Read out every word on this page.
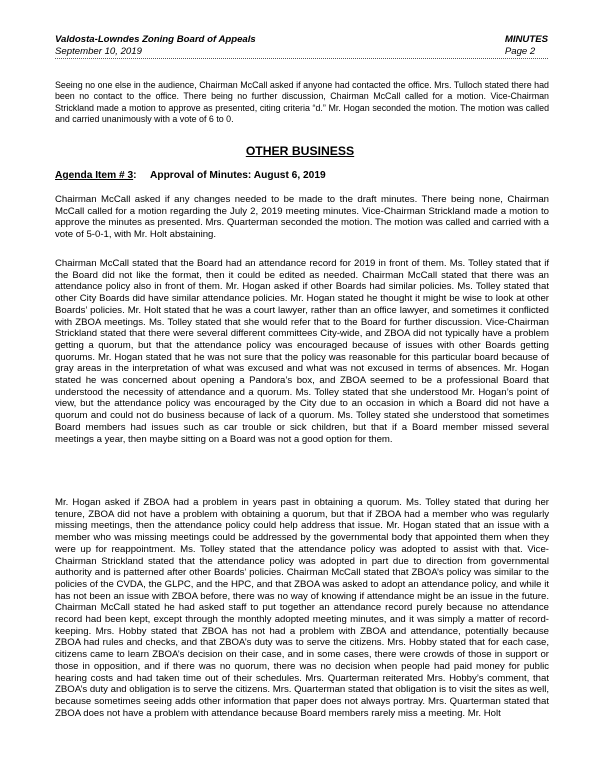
Valdosta-Lowndes Zoning Board of Appeals
September 10, 2019
MINUTES
Page 2

Seeing no one else in the audience, Chairman McCall asked if anyone had contacted the office. Mrs. Tulloch stated there had been no contact to the office. There being no further discussion, Chairman McCall called for a motion. Vice-Chairman Strickland made a motion to approve as presented, citing criteria “d.” Mr. Hogan seconded the motion. The motion was called and carried unanimously with a vote of 6 to 0.

OTHER BUSINESS
Agenda Item # 3: Approval of Minutes: August 6, 2019

Chairman McCall asked if any changes needed to be made to the draft minutes. There being none, Chairman McCall called for a motion regarding the July 2, 2019 meeting minutes. Vice-Chairman Strickland made a motion to approve the minutes as presented. Mrs. Quarterman seconded the motion. The motion was called and carried with a vote of 5-0-1, with Mr. Holt abstaining.

Chairman McCall stated that the Board had an attendance record for 2019 in front of them. Ms. Tolley stated that if the Board did not like the format, then it could be edited as needed. Chairman McCall stated that there was an attendance policy also in front of them. Mr. Hogan asked if other Boards had similar policies. Ms. Tolley stated that other City Boards did have similar attendance policies. Mr. Hogan stated he thought it might be wise to look at other Boards’ policies. Mr. Holt stated that he was a court lawyer, rather than an office lawyer, and sometimes it conflicted with ZBOA meetings. Ms. Tolley stated that she would refer that to the Board for further discussion. Vice-Chairman Strickland stated that there were several different committees City-wide, and ZBOA did not typically have a problem getting a quorum, but that the attendance policy was encouraged because of issues with other Boards getting quorums. Mr. Hogan stated that he was not sure that the policy was reasonable for this particular board because of gray areas in the interpretation of what was excused and what was not excused in terms of absences. Mr. Hogan stated he was concerned about opening a Pandora’s box, and ZBOA seemed to be a professional Board that understood the necessity of attendance and a quorum. Ms. Tolley stated that she understood Mr. Hogan’s point of view, but the attendance policy was encouraged by the City due to an occasion in which a Board did not have a quorum and could not do business because of lack of a quorum. Ms. Tolley stated she understood that sometimes Board members had issues such as car trouble or sick children, but that if a Board member missed several meetings a year, then maybe sitting on a Board was not a good option for them.

Mr. Hogan asked if ZBOA had a problem in years past in obtaining a quorum. Ms. Tolley stated that during her tenure, ZBOA did not have a problem with obtaining a quorum, but that if ZBOA had a member who was regularly missing meetings, then the attendance policy could help address that issue. Mr. Hogan stated that an issue with a member who was missing meetings could be addressed by the governmental body that appointed them when they were up for reappointment. Ms. Tolley stated that the attendance policy was adopted to assist with that. Vice-Chairman Strickland stated that the attendance policy was adopted in part due to direction from governmental authority and is patterned after other Boards’ policies. Chairman McCall stated that ZBOA’s policy was similar to the policies of the CVDA, the GLPC, and the HPC, and that ZBOA was asked to adopt an attendance policy, and while it has not been an issue with ZBOA before, there was no way of knowing if attendance might be an issue in the future. Chairman McCall stated he had asked staff to put together an attendance record purely because no attendance record had been kept, except through the monthly adopted meeting minutes, and it was simply a matter of record-keeping. Mrs. Hobby stated that ZBOA has not had a problem with ZBOA and attendance, potentially because ZBOA had rules and checks, and that ZBOA’s duty was to serve the citizens. Mrs. Hobby stated that for each case, citizens came to learn ZBOA’s decision on their case, and in some cases, there were crowds of those in support or those in opposition, and if there was no quorum, there was no decision when people had paid money for public hearing costs and had taken time out of their schedules. Mrs. Quarterman reiterated Mrs. Hobby’s comment, that ZBOA’s duty and obligation is to serve the citizens. Mrs. Quarterman stated that obligation is to visit the sites as well, because sometimes seeing adds other information that paper does not always portray. Mrs. Quarterman stated that ZBOA does not have a problem with attendance because Board members rarely miss a meeting. Mr. Holt
